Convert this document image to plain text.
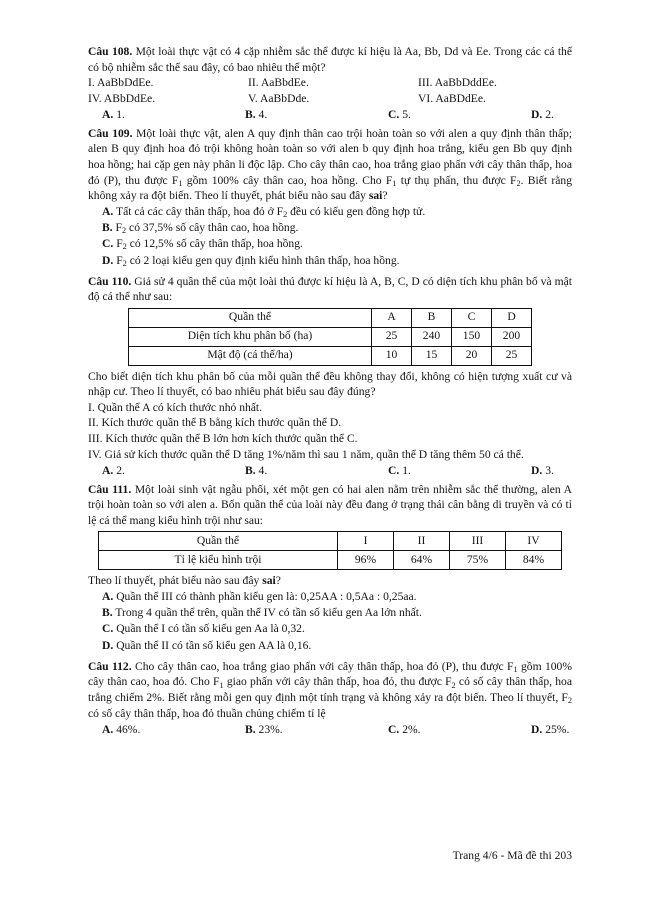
Câu 108. Một loài thực vật có 4 cặp nhiễm sắc thể được kí hiệu là Aa, Bb, Dd và Ee. Trong các cá thể có bộ nhiễm sắc thể sau đây, có bao nhiêu thể một?

I. AaBbDdEe.	II. AaBbdEe.	III. AaBbDddEe.
IV. ABbDdEe.	V. AaBbDde.	VI. AaBDdEe.
A. 1.	B. 4.	C. 5.	D. 2.

Câu 109. Một loài thực vật, alen A quy định thân cao trội hoàn toàn so với alen a quy định thân thấp; alen B quy định hoa đỏ trội không hoàn toàn so với alen b quy định hoa trắng, kiểu gen Bb quy định hoa hồng; hai cặp gen này phân li độc lập. Cho cây thân cao, hoa trắng giao phấn với cây thân thấp, hoa đỏ (P), thu được $F_1$ gồm 100% cây thân cao, hoa hồng. Cho $F_1$ tự thụ phấn, thu được $F_2$. Biết rằng không xảy ra đột biến. Theo lí thuyết, phát biểu nào sau đây sai?

A. Tất cả các cây thân thấp, hoa đỏ ở $F_2$ đều có kiểu gen đồng hợp tử.
B. $F_2$ có 37,5% số cây thân cao, hoa hồng.
C. $F_2$ có 12,5% số cây thân thấp, hoa hồng.
D. $F_2$ có 2 loại kiểu gen quy định kiểu hình thân thấp, hoa hồng.

Câu 110. Giả sử 4 quần thể của một loài thú được kí hiệu là A, B, C, D có diện tích khu phân bố và mật độ cá thể như sau:

Quần thể	A	B	C	D
Diện tích khu phân bố (ha)	25	240	150	200
Mật độ (cá thể/ha)	10	15	20	25

Cho biết diện tích khu phân bố của mỗi quần thể đều không thay đổi, không có hiện tượng xuất cư và nhập cư. Theo lí thuyết, có bao nhiêu phát biểu sau đây đúng?

I. Quần thể A có kích thước nhỏ nhất.
II. Kích thước quần thể B bằng kích thước quần thể D.
III. Kích thước quần thể B lớn hơn kích thước quần thể C.
IV. Giả sử kích thước quần thể D tăng 1%/năm thì sau 1 năm, quần thể D tăng thêm 50 cá thể.
A. 2.	B. 4.	C. 1.	D. 3.

Câu 111. Một loài sinh vật ngẫu phối, xét một gen có hai alen nằm trên nhiễm sắc thể thường, alen A trội hoàn toàn so với alen a. Bốn quần thể của loài này đều đang ở trạng thái cân bằng di truyền và có tỉ lệ cá thể mang kiểu hình trội như sau:

Quần thể	I	II	III	IV
Tỉ lệ kiểu hình trội	96%	64%	75%	84%

Theo lí thuyết, phát biểu nào sau đây sai?

A. Quần thể III có thành phần kiểu gen là: 0,25AA : 0,5Aa : 0,25aa.
B. Trong 4 quần thể trên, quần thể IV có tần số kiểu gen Aa lớn nhất.
C. Quần thể I có tần số kiểu gen Aa là 0,32.
D. Quần thể II có tần số kiểu gen AA là 0,16.

Câu 112. Cho cây thân cao, hoa trắng giao phấn với cây thân thấp, hoa đỏ (P), thu được $F_1$ gồm 100% cây thân cao, hoa đỏ. Cho $F_1$ giao phấn với cây thân thấp, hoa đỏ, thu được $F_2$ có số cây thân thấp, hoa trắng chiếm 2%. Biết rằng mỗi gen quy định một tính trạng và không xảy ra đột biến. Theo lí thuyết, $F_2$ có số cây thân thấp, hoa đỏ thuần chủng chiếm tỉ lệ

A. 46%.	B. 23%.	C. 2%.	D. 25%.
Trang 4/6 - Mã đề thi 203
